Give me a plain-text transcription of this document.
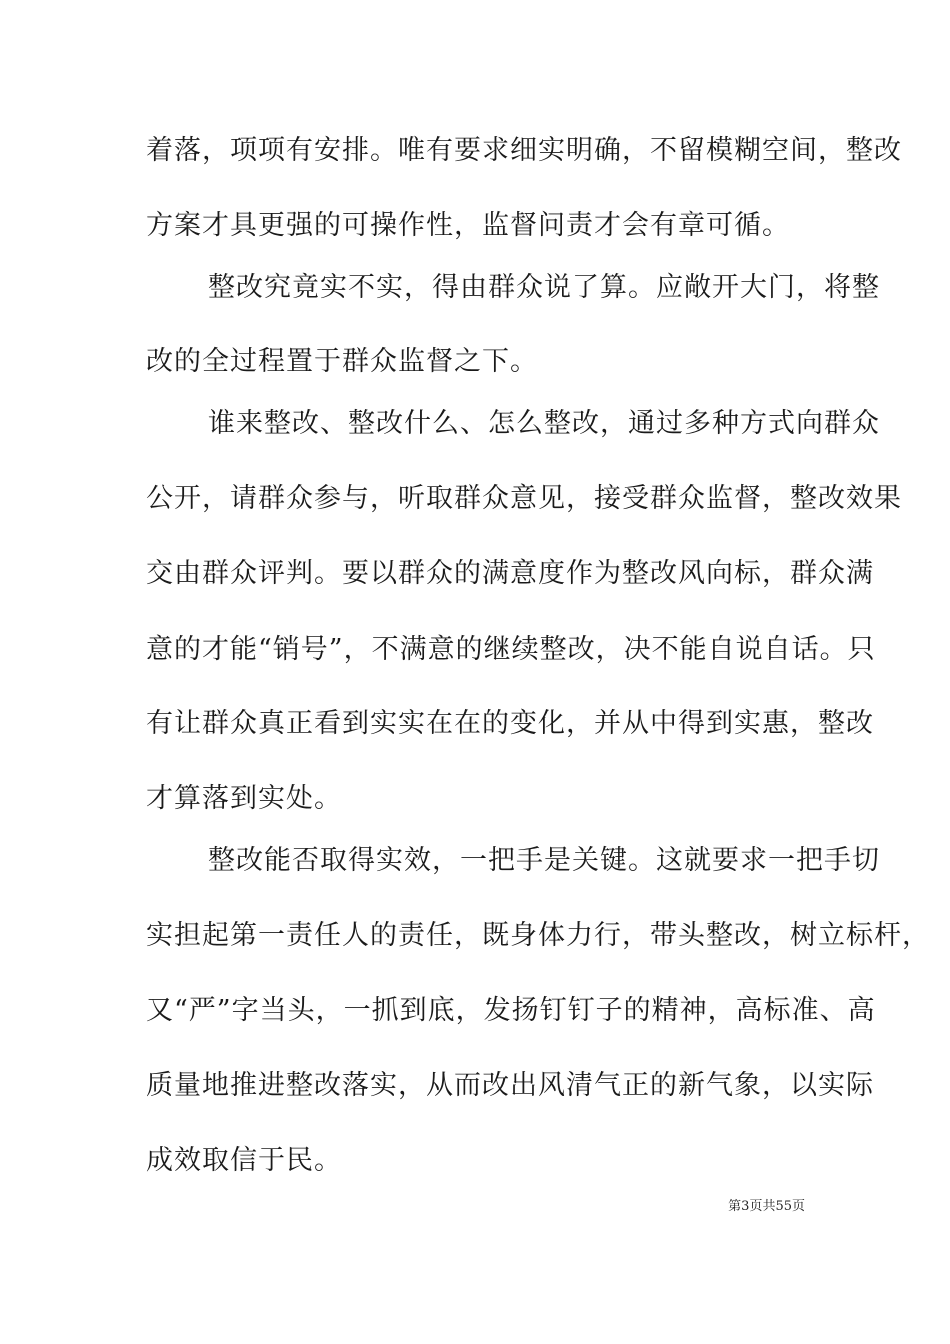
着落，项项有安排。唯有要求细实明确，不留模糊空间，整改
方案才具更强的可操作性，监督问责才会有章可循。
整改究竟实不实，得由群众说了算。应敞开大门，将整
改的全过程置于群众监督之下。
谁来整改、整改什么、怎么整改，通过多种方式向群众
公开，请群众参与，听取群众意见，接受群众监督，整改效果
交由群众评判。要以群众的满意度作为整改风向标，群众满
意的才能“销号”，不满意的继续整改，决不能自说自话。只
有让群众真正看到实实在在的变化，并从中得到实惠，整改
才算落到实处。
整改能否取得实效，一把手是关键。这就要求一把手切
实担起第一责任人的责任，既身体力行，带头整改，树立标杆，
又“严”字当头，一抓到底，发扬钉钉子的精神，高标准、高
质量地推进整改落实，从而改出风清气正的新气象，以实际
成效取信于民。
第3页共55页
